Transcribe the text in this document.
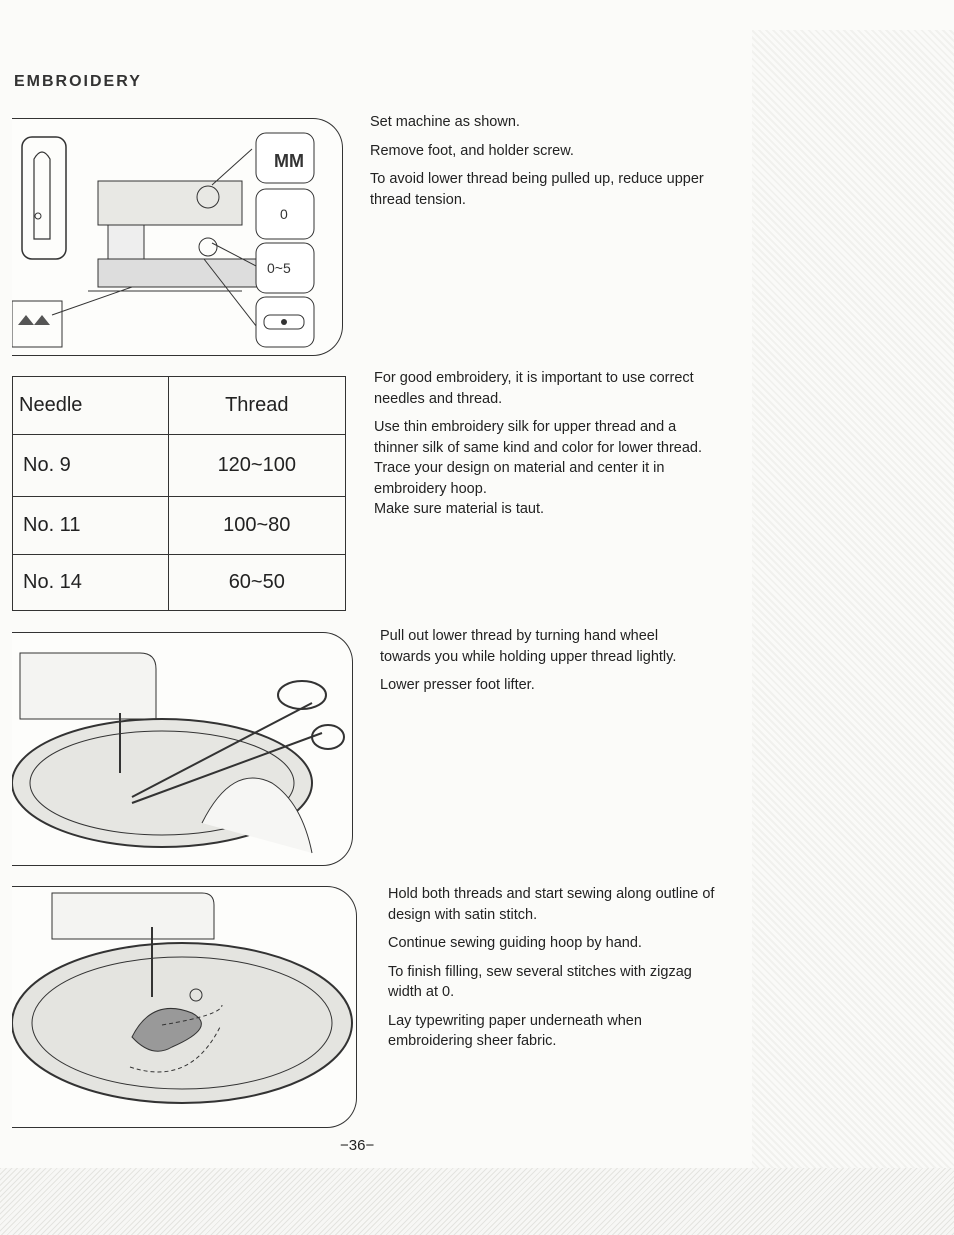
EMBROIDERY
MM
0
0~5

Set machine as shown.

Remove foot, and holder screw.

To avoid lower thread being pulled up, reduce upper thread tension.

Needle	Thread
No. 9	120~100
No. 11	100~80
No. 14	60~50

For good embroidery, it is important to use correct needles and thread.

Use thin embroidery silk for upper thread and a thinner silk of same kind and color for lower thread.

Trace your design on material and center it in embroidery hoop.

Make sure material is taut.

Pull out lower thread by turning hand wheel towards you while holding upper thread lightly.

Lower presser foot lifter.

Hold both threads and start sewing along outline of design with satin stitch.

Continue sewing guiding hoop by hand.

To finish filling, sew several stitches with zigzag width at 0.

Lay typewriting paper underneath when embroidering sheer fabric.

−36−
